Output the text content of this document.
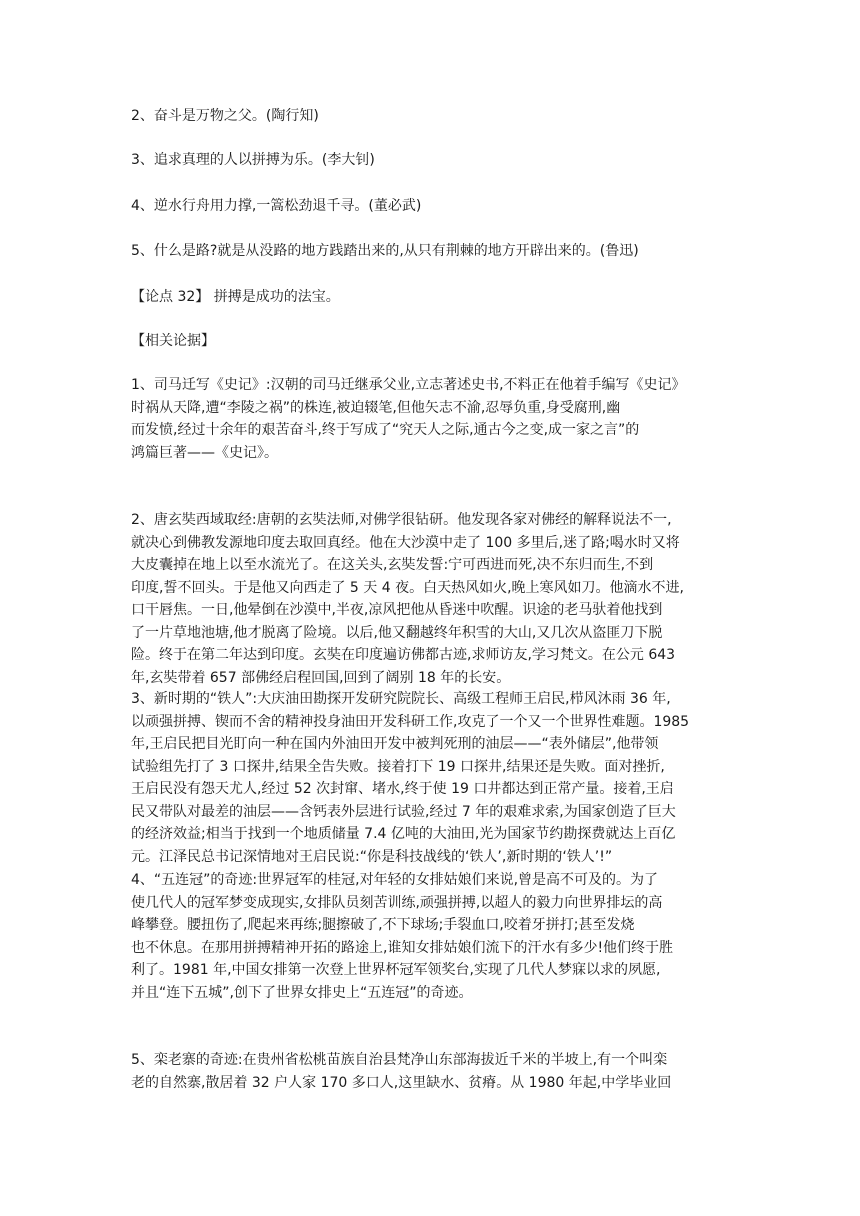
2、奋斗是万物之父。(陶行知)
3、追求真理的人以拼搏为乐。(李大钊)
4、逆水行舟用力撑,一篙松劲退千寻。(董必武)
5、什么是路?就是从没路的地方践踏出来的,从只有荆棘的地方开辟出来的。(鲁迅)
【论点 32】 拼搏是成功的法宝。
【相关论据】
1、司马迁写《史记》:汉朝的司马迁继承父业,立志著述史书,不料正在他着手编写《史记》
时祸从天降,遭“李陵之祸”的株连,被迫辍笔,但他矢志不渝,忍辱负重,身受腐刑,幽
而发愤,经过十余年的艰苦奋斗,终于写成了“究天人之际,通古今之变,成一家之言”的
鸿篇巨著——《史记》。
2、唐玄奘西域取经:唐朝的玄奘法师,对佛学很钻研。他发现各家对佛经的解释说法不一,
就决心到佛教发源地印度去取回真经。他在大沙漠中走了 100 多里后,迷了路;喝水时又将
大皮囊掉在地上以至水流光了。在这关头,玄奘发誓:宁可西进而死,决不东归而生,不到
印度,誓不回头。于是他又向西走了 5 天 4 夜。白天热风如火,晚上寒风如刀。他滴水不进,
口干唇焦。一日,他晕倒在沙漠中,半夜,凉风把他从昏迷中吹醒。识途的老马驮着他找到
了一片草地池塘,他才脱离了险境。以后,他又翻越终年积雪的大山,又几次从盗匪刀下脱
险。终于在第二年达到印度。玄奘在印度遍访佛都古迹,求师访友,学习梵文。在公元 643
年,玄奘带着 657 部佛经启程回国,回到了阔别 18 年的长安。
3、新时期的“铁人”:大庆油田勘探开发研究院院长、高级工程师王启民,栉风沐雨 36 年,
以顽强拼搏、锲而不舍的精神投身油田开发科研工作,攻克了一个又一个世界性难题。1985
年,王启民把目光盯向一种在国内外油田开发中被判死刑的油层——“表外储层”,他带领
试验组先打了 3 口探井,结果全告失败。接着打下 19 口探井,结果还是失败。面对挫折,
王启民没有怨天尤人,经过 52 次封窜、堵水,终于使 19 口井都达到正常产量。接着,王启
民又带队对最差的油层——含钙表外层进行试验,经过 7 年的艰难求索,为国家创造了巨大
的经济效益;相当于找到一个地质储量 7.4 亿吨的大油田,光为国家节约勘探费就达上百亿
元。江泽民总书记深情地对王启民说:“你是科技战线的‘铁人’,新时期的‘铁人’!”
4、“五连冠”的奇迹:世界冠军的桂冠,对年轻的女排姑娘们来说,曾是高不可及的。为了
使几代人的冠军梦变成现实,女排队员刻苦训练,顽强拼搏,以超人的毅力向世界排坛的高
峰攀登。腰扭伤了,爬起来再练;腿擦破了,不下球场;手裂血口,咬着牙拼打;甚至发烧
也不休息。在那用拼搏精神开拓的路途上,谁知女排姑娘们流下的汗水有多少!他们终于胜
利了。1981 年,中国女排第一次登上世界杯冠军领奖台,实现了几代人梦寐以求的夙愿,
并且“连下五城”,创下了世界女排史上“五连冠”的奇迹。
5、栾老寨的奇迹:在贵州省松桃苗族自治县梵净山东部海拔近千米的半坡上,有一个叫栾
老的自然寨,散居着 32 户人家 170 多口人,这里缺水、贫瘠。从 1980 年起,中学毕业回
